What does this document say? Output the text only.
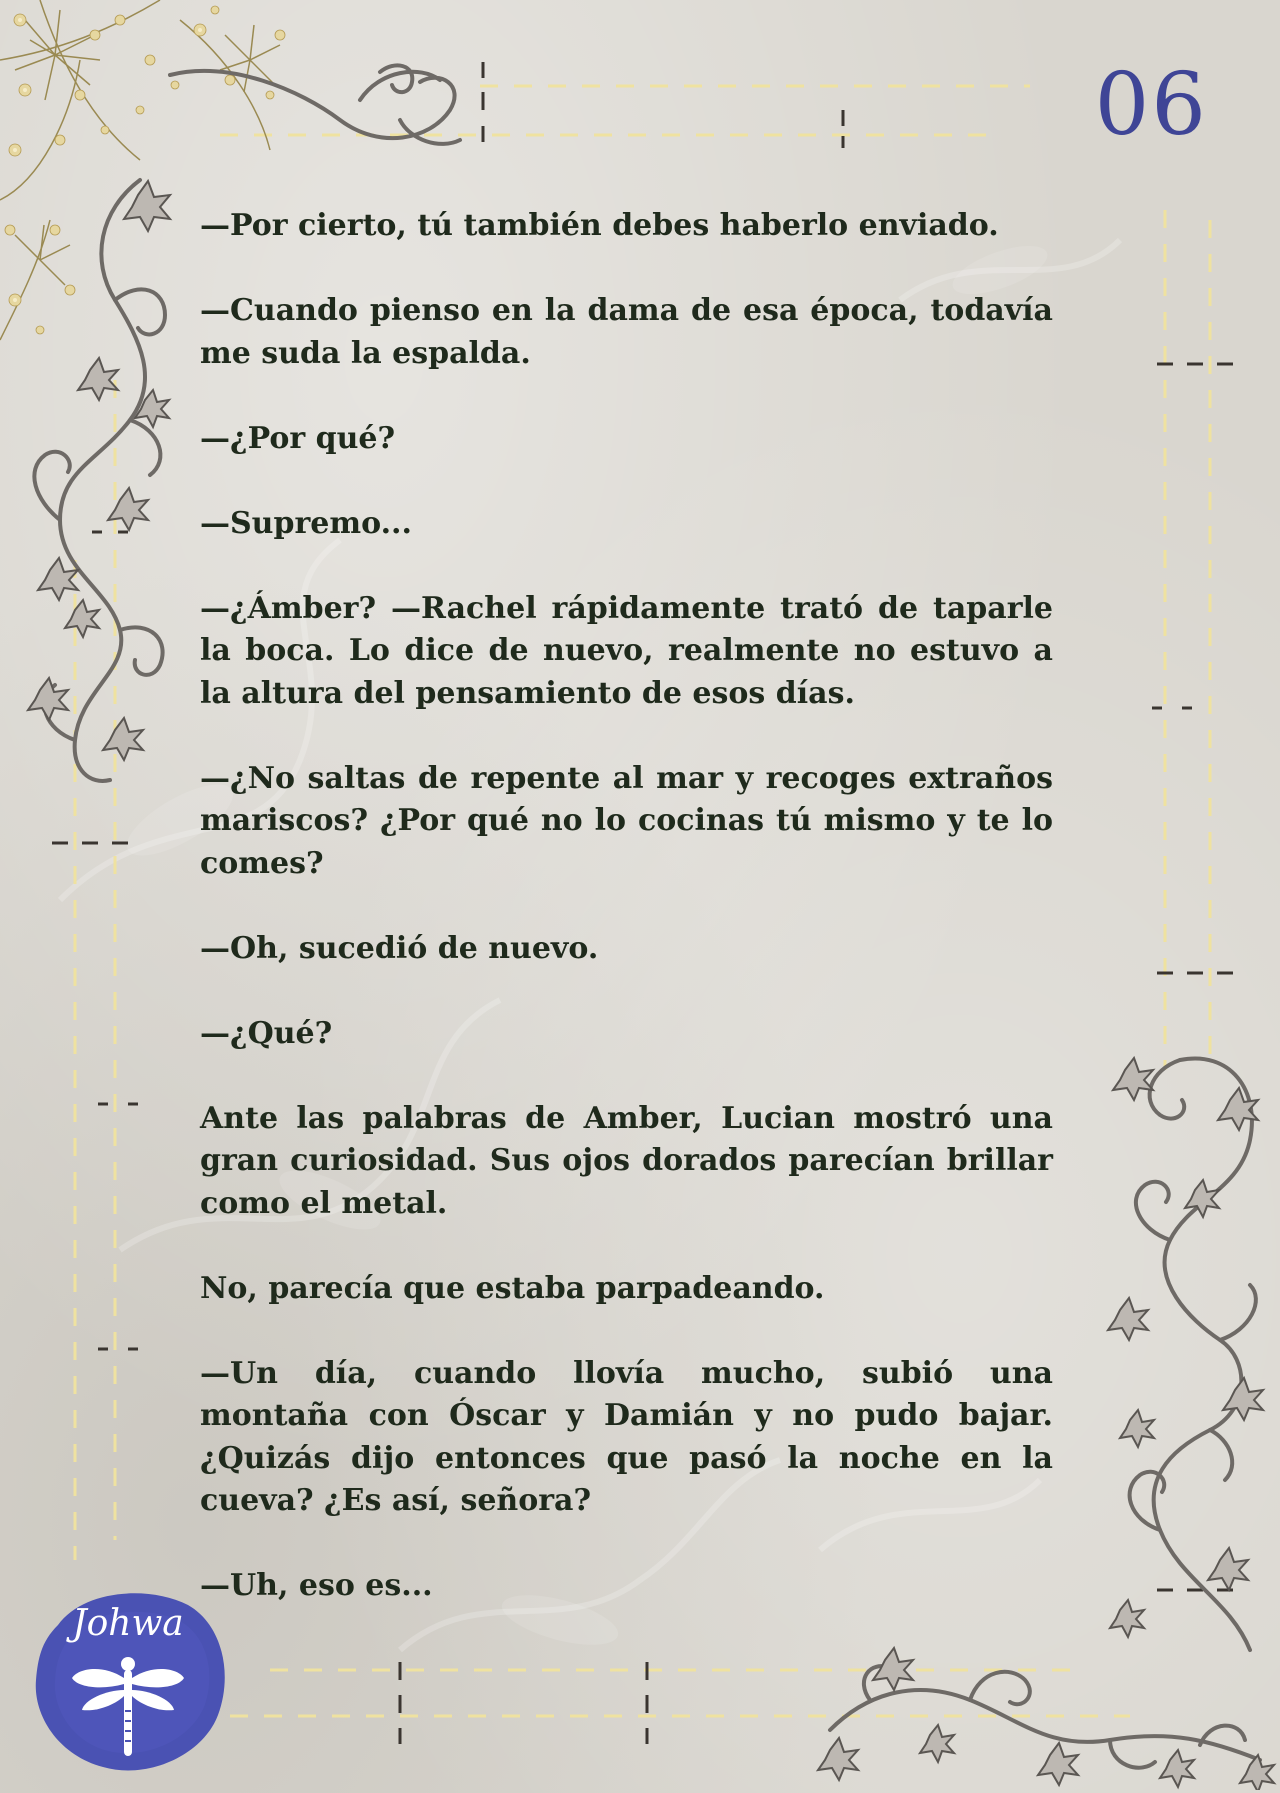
06

—Por cierto, tú también debes haberlo enviado.

—Cuando pienso en la dama de esa época, todavía me suda la espalda.

—¿Por qué?

—Supremo...

—¿Ámber? —Rachel rápidamente trató de taparle la boca. Lo dice de nuevo, realmente no estuvo a la altura del pensamiento de esos días.

—¿No saltas de repente al mar y recoges extraños mariscos? ¿Por qué no lo cocinas tú mismo y te lo comes?

—Oh, sucedió de nuevo.

—¿Qué?

Ante las palabras de Amber, Lucian mostró una gran curiosidad. Sus ojos dorados parecían brillar como el metal.

No, parecía que estaba parpadeando.

—Un día, cuando llovía mucho, subió una montaña con Óscar y Damián y no pudo bajar. ¿Quizás dijo entonces que pasó la noche en la cueva? ¿Es así, señora?

—Uh, eso es...

Johwa
